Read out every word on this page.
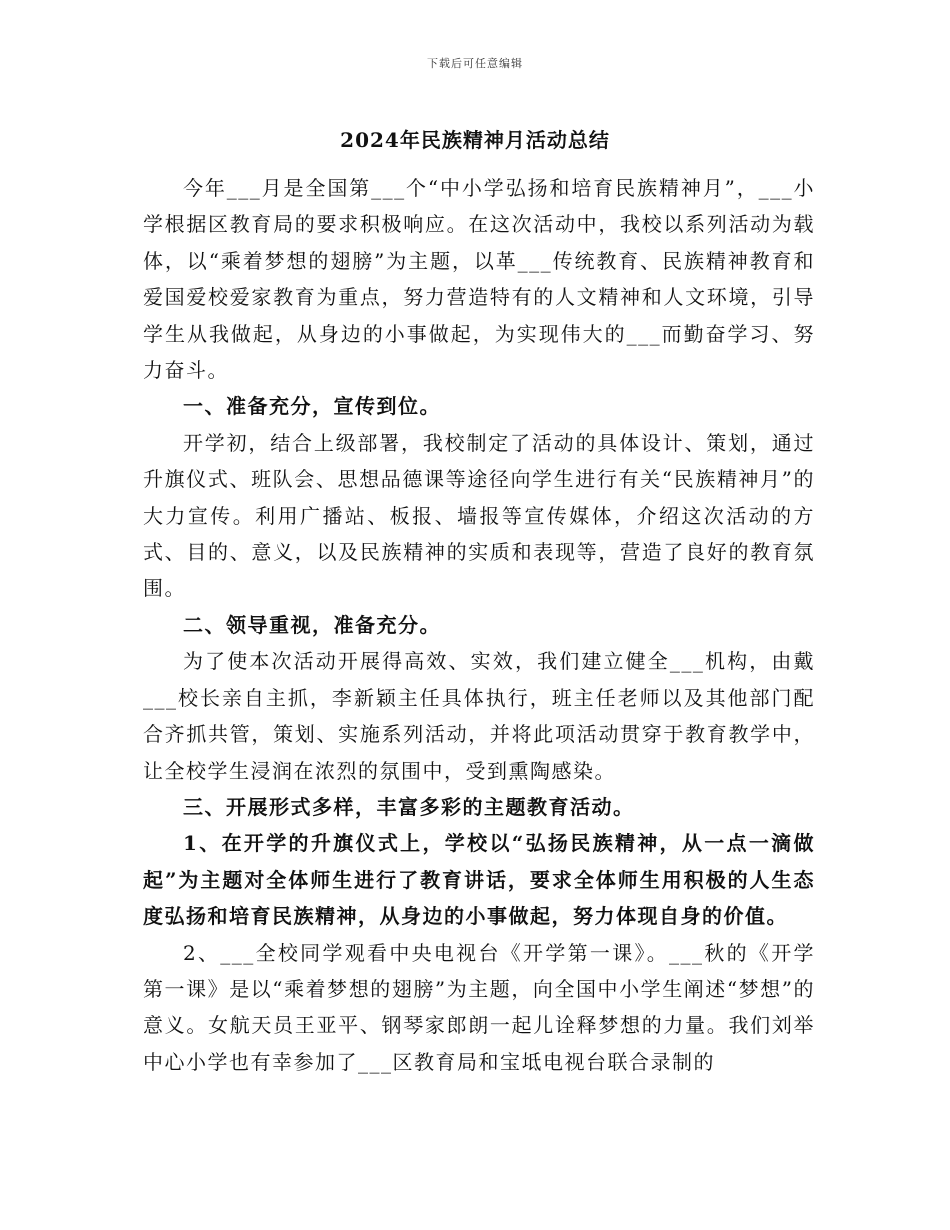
下载后可任意编辑
2024年民族精神月活动总结

今年___月是全国第___个“中小学弘扬和培育民族精神月”，___小学根据区教育局的要求积极响应。在这次活动中，我校以系列活动为载体，以“乘着梦想的翅膀”为主题，以革___传统教育、民族精神教育和爱国爱校爱家教育为重点，努力营造特有的人文精神和人文环境，引导学生从我做起，从身边的小事做起，为实现伟大的___而勤奋学习、努力奋斗。

一、准备充分，宣传到位。

开学初，结合上级部署，我校制定了活动的具体设计、策划，通过升旗仪式、班队会、思想品德课等途径向学生进行有关“民族精神月”的大力宣传。利用广播站、板报、墙报等宣传媒体，介绍这次活动的方式、目的、意义，以及民族精神的实质和表现等，营造了良好的教育氛围。

二、领导重视，准备充分。

为了使本次活动开展得高效、实效，我们建立健全___机构，由戴___校长亲自主抓，李新颖主任具体执行，班主任老师以及其他部门配合齐抓共管，策划、实施系列活动，并将此项活动贯穿于教育教学中，让全校学生浸润在浓烈的氛围中，受到熏陶感染。

三、开展形式多样，丰富多彩的主题教育活动。

1、在开学的升旗仪式上，学校以“弘扬民族精神，从一点一滴做起”为主题对全体师生进行了教育讲话，要求全体师生用积极的人生态度弘扬和培育民族精神，从身边的小事做起，努力体现自身的价值。

2、___全校同学观看中央电视台《开学第一课》。___秋的《开学第一课》是以“乘着梦想的翅膀”为主题，向全国中小学生阐述“梦想”的意义。女航天员王亚平、钢琴家郎朗一起儿诠释梦想的力量。我们刘举中心小学也有幸参加了___区教育局和宝坻电视台联合录制的
